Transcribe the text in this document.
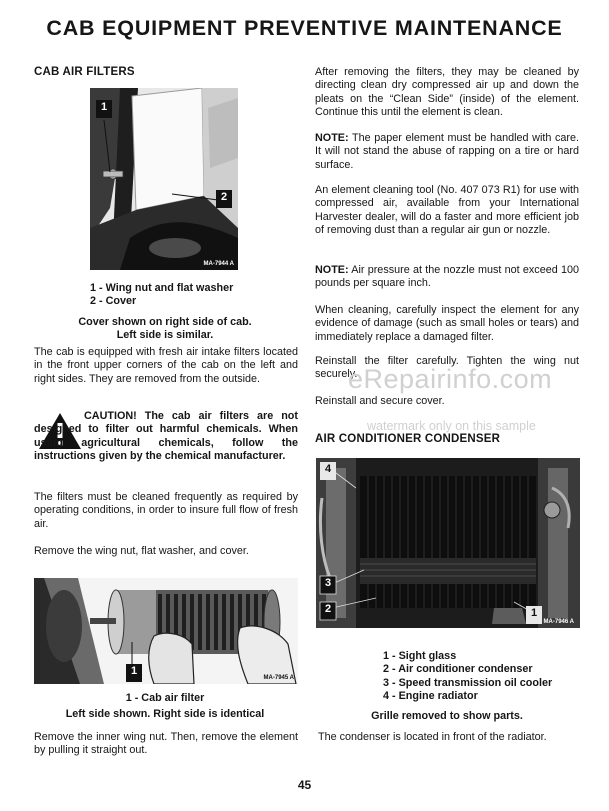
CAB EQUIPMENT PREVENTIVE MAINTENANCE
CAB AIR FILTERS
1
2
MA-7944 A
1 - Wing nut and flat washer
2 - Cover
Cover shown on right side of cab.
Left side is similar.
The cab is equipped with fresh air intake filters located in the front upper corners of the cab on the left and right sides. They are removed from the outside.
CAUTION! The cab air filters are not designed to filter out harmful chemicals. When using agricultural chemicals, follow the instructions given by the chemical manufacturer.
The filters must be cleaned frequently as required by operating conditions, in order to insure full flow of fresh air.
Remove the wing nut, flat washer, and cover.
1
MA-7945 A
1 - Cab air filter
Left side shown. Right side is identical
Remove the inner wing nut. Then, remove the element by pulling it straight out.
After removing the filters, they may be cleaned by directing clean dry compressed air up and down the pleats on the “Clean Side” (inside) of the element. Continue this until the element is clean.
NOTE: The paper element must be handled with care. It will not stand the abuse of rapping on a tire or hard surface.
An element cleaning tool (No. 407 073 R1) for use with compressed air, available from your International Harvester dealer, will do a faster and more efficient job of removing dust than a regular air gun or nozzle.
NOTE: Air pressure at the nozzle must not exceed 100 pounds per square inch.
When cleaning, carefully inspect the element for any evidence of damage (such as small holes or tears) and immediately replace a damaged filter.
Reinstall the filter carefully. Tighten the wing nut securely.
Reinstall and secure cover.
eRepairinfo.com
watermark only on this sample
AIR CONDITIONER CONDENSER
4
3
2	1
MA-7946 A
1 - Sight glass
2 - Air conditioner condenser
3 - Speed transmission oil cooler
4 - Engine radiator
Grille removed to show parts.
The condenser is located in front of the radiator.
45
